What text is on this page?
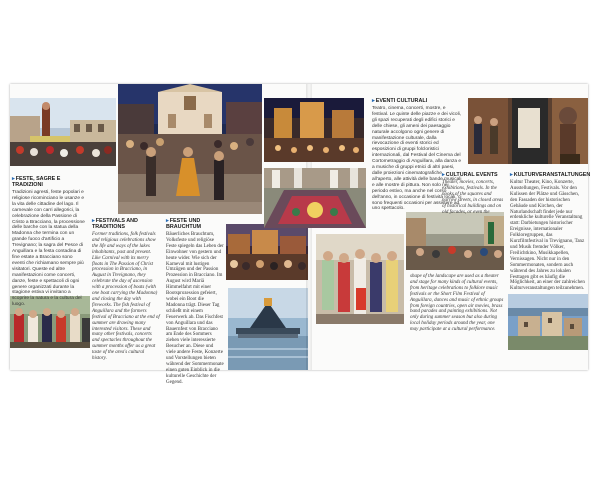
▸FESTE, SAGRE E TRADIZIONI

Tradizioni agresti, feste popolari e religiose ricominciano le usanze e la vita delle cittadine del lago. Il carnevale con carri allegorici, la celebrazione della Passione di Cristo a Bracciano, la processione delle barche con la statua della Madonna che termina con un grande fuoco d'artificio a Trevignano; la sagra del Pesce di Anguillara e la festa contadina di fine estate a Bracciano sono eventi che richiamano sempre più visitatori. Queste ed altre manifestazioni come concerti, danze, feste e spettacoli di ogni genere organizzati durante la stagione estiva vi invitano a scoprire la natura e la cultura del luogo.

▸FESTIVALS AND TRADITIONS

Former traditions, folk festivals and religious celebrations show the life and ways of the lakes inhabitants, past and present. Like Carnival with its merry floats in The Passion of Christ procession in Bracciano, in August in Trevignano, they celebrate the day of ascension with a procession of boats (with one boat carrying the Madonna) and closing the day with fireworks. The fish festival of Anguillara and the farmers festival of Bracciano at the end of summer are drawing many interested visitors. These and many other festivals, concerts and spectacles throughout the summer months offer us a great taste of the area's cultural history.

▸FESTE UND BRAUCHTUM

Bäuerliches Brauchtum, Volksfeste und religiöse Feste spiegeln das Leben der Einwohner von gestern und heute wider. Wie sich der Karneval mit lustigen Umzügen und der Passion Prozession in Bracciano. Im August wird Mariä Himmelfahrt mit einer Bootsprozession gefeiert, wobei ein Boot die Madonna trägt. Dieser Tag schließt mit einem Feuerwerk ab. Das Fischfest von Anguillara und das Bauernfest von Bracciano am Ende des Sommers ziehen viele interessierte Besucher an. Diese und viele andere Feste, Konzerte und Vorstellungen bieten während der Sommermonate einen guten Einblick in die kulturelle Geschichte der Gegend.

▸EVENTI CULTURALI

Teatro, cinema, concerti, mostre, e festival. Le quinte delle piazze e dei vicoli, gli spazi recuperati degli edifici storici e delle chiese, gli ameni dei paesaggio naturale accolgono ogni genere di manifestazione culturale, dalla rievocazione di eventi storici ed esposizioni di gruppi folcloristici internazionali, dal Festival del Cinema del Cortometraggio di Anguillara, alla danza e a musiche di gruppi etnici di altri paesi, dalle proiezioni cinematografiche all'aperto, alle attività delle bande musicali e alle mostre di pittura. Non solo nei periodo estivo, ma anche nel corso dell'anno, in occasione di festività locali, ci sono frequenti occasioni per assistere ad uno spettacolo.

▸CULTURAL EVENTS

Theater, movies, concerts, exhibitions, festivals. In the nooks of the squares and narrow streets, in closed areas of historical buildings and on old facades, or even the

shape of the landscape are used as a theater and stage for many kinds of cultural events, from heritage celebrations to folklore music festivals or the Short Film Festival of Anguillara, dances and music of ethnic groups from foreign countries, open air movies, brass band parades and painting exhibitions. Not only during summer season but also during local holiday periods around the year, one may participate at a cultural performance.

▸KULTURVERANSTALTUNGEN

Kultur Theater, Kino, Konzerte, Ausstellungen, Festivals. Vor den Kulissen der Plätze und Gässchen, den Fassaden der historischen Gebäude und Kirchen, der Naturlandschaft findet jede nur erdenkliche kulturelle Veranstaltung statt: Darbietungen historischer Ereignisse, internationaler Folkloregruppen, das Kurzfilmfestival in Trevignano, Tanz und Musik fremder Völker, Freilichtkino, Musikkapellen, Vernissagen. Nicht nur in den Sommermonaten, sondern auch während des Jahres zu lokalen Festtagen gibt es häufig die Möglichkeit, an einer der zahlreichen Kulturveranstaltungen teilzunehmen.
